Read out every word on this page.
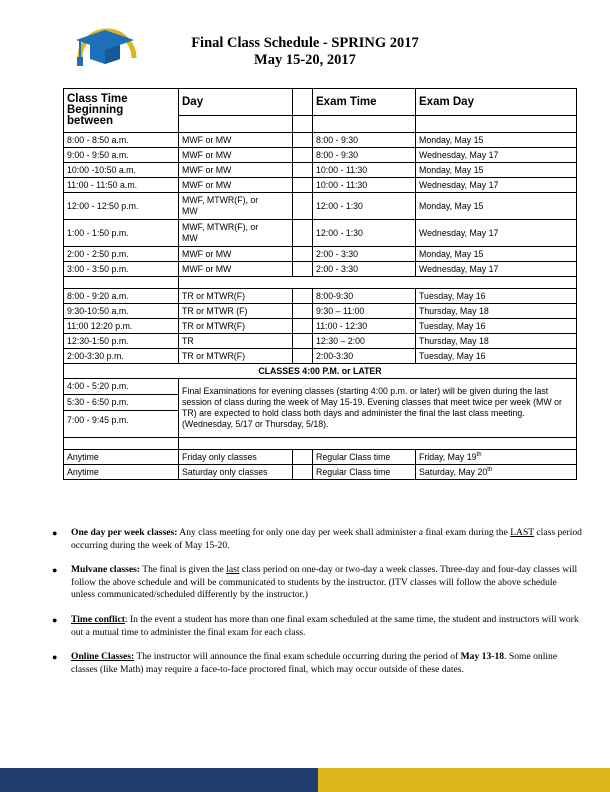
Final Class Schedule - SPRING 2017
May 15-20, 2017
Class Time
Beginning
between	Day		Exam Time	Exam Day

8:00 - 8:50 a.m.	MWF or MW		8:00 - 9:30	Monday, May 15
9:00 - 9:50 a.m.	MWF or MW		8:00 - 9:30	Wednesday, May 17
10:00 -10:50 a.m.	MWF or MW		10:00 - 11:30	Monday, May 15
11:00 - 11:50 a.m.	MWF or MW		10:00 - 11:30	Wednesday, May 17
12:00 - 12:50 p.m.	MWF, MTWR(F), or
MW		12:00 - 1:30	Monday, May 15
1:00 - 1:50 p.m.	MWF, MTWR(F), or
MW		12:00 - 1:30	Wednesday, May 17
2:00 - 2:50 p.m.	MWF or MW		2:00 - 3:30	Monday, May 15
3:00 - 3:50 p.m.	MWF or MW		2:00 - 3:30	Wednesday, May 17

8:00 - 9:20 a.m.	TR or MTWR(F)		8:00-9:30	Tuesday, May 16
9:30-10:50 a.m.	TR or MTWR (F)		9:30 – 11:00	Thursday, May 18
11:00 12:20 p.m.	TR or MTWR(F)		11:00 - 12:30	Tuesday, May 16
12:30-1:50 p.m.	TR		12:30 – 2:00	Thursday, May 18
2:00-3:30 p.m.	TR or MTWR(F)		2:00-3:30	Tuesday, May 16
CLASSES 4:00 P.M. or LATER				
4:00 - 5:20 p.m.	Final Examinations for evening classes (starting 4:00 p.m. or later) will be given during the last session of class during the week of May 15-19. Evening classes that meet twice per week (MW or TR) are expected to hold class both days and administer the final the last class meeting. (Wednesday, 5/17 or Thursday, 5/18).			
5:30 - 6:50 p.m.				
7:00 - 9:45 p.m.				

Anytime	Friday only classes		Regular Class time	Friday, May 19th
Anytime	Saturday only classes		Regular Class time	Saturday, May 20th
● One day per week classes: Any class meeting for only one day per week shall administer a final exam during the LAST class period occurring during the week of May 15-20.
● Mulvane classes: The final is given the last class period on one-day or two-day a week classes. Three-day and four-day classes will follow the above schedule and will be communicated to students by the instructor. (ITV classes will follow the above schedule unless communicated/scheduled differently by the instructor.)
● Time conflict: In the event a student has more than one final exam scheduled at the same time, the student and instructors will work out a mutual time to administer the final exam for each class.
● Online Classes: The instructor will announce the final exam schedule occurring during the period of May 13-18. Some online classes (like Math) may require a face-to-face proctored final, which may occur outside of these dates.
